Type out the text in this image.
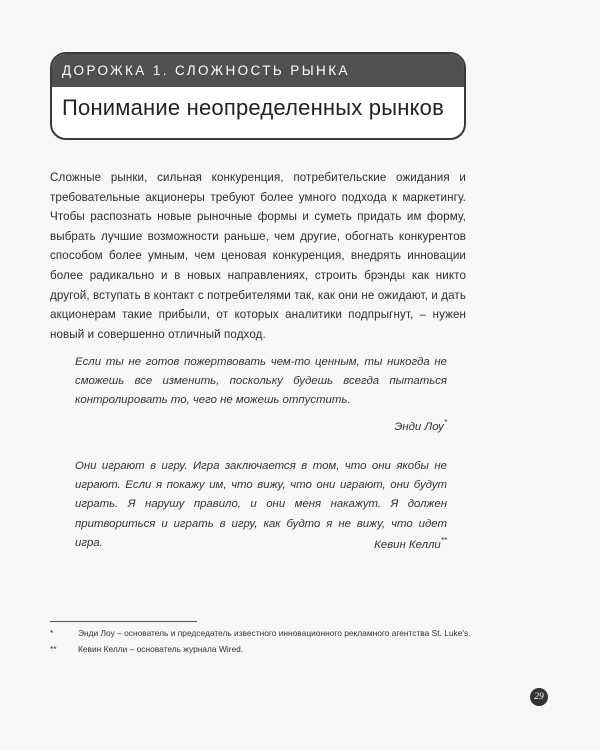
ДОРОЖКА 1. СЛОЖНОСТЬ РЫНКА
Понимание неопределенных рынков
Сложные рынки, сильная конкуренция, потребительские ожидания и требовательные акционеры требуют более умного подхода к маркетингу. Чтобы распознать новые рыночные формы и суметь придать им форму, выбрать лучшие возможности раньше, чем другие, обогнать конкурентов способом более умным, чем ценовая конкуренция, внедрять инновации более радикально и в новых направлениях, строить брэнды как никто другой, вступать в контакт с потребителями так, как они не ожидают, и дать акционерам такие прибыли, от которых аналитики подпрыгнут, – нужен новый и совершенно отличный подход.
Если ты не готов пожертвовать чем-то ценным, ты никогда не сможешь все изменить, поскольку будешь всегда пытаться контролировать то, чего не можешь отпустить.
Энди Лоу*
Они играют в игру. Игра заключается в том, что они якобы не играют. Если я покажу им, что вижу, что они играют, они будут играть. Я нарушу правило, и они меня накажут. Я должен притвориться и играть в игру, как будто я не вижу, что идет игра.	Кевин Келли**
*	Энди Лоу – основатель и председатель известного инновационного рекламного агентства St. Luke's.
**	Кевин Келли – основатель журнала Wired.
29
